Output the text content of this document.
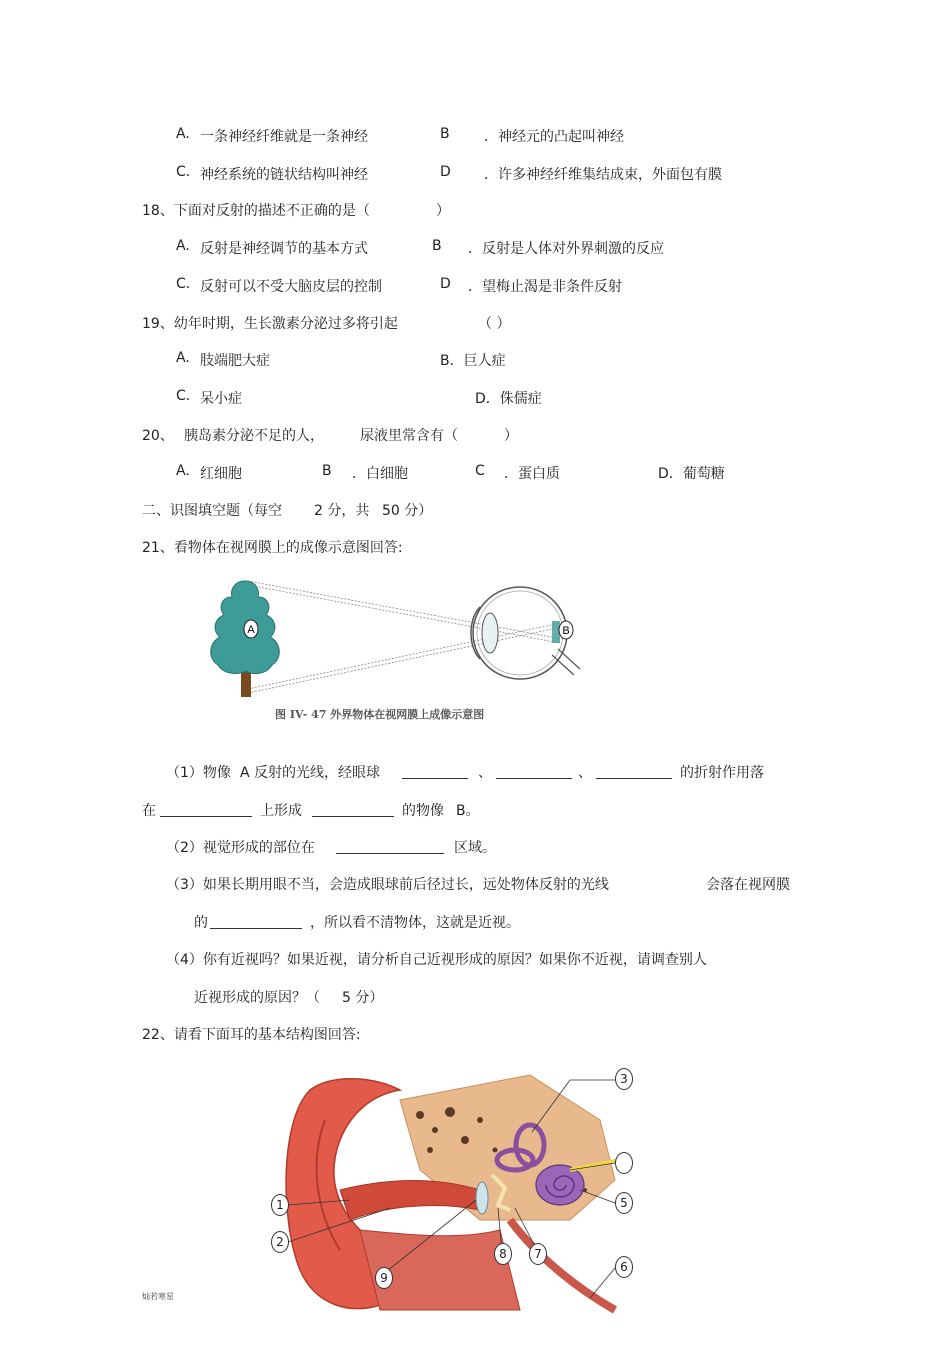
A. 一条神经纤维就是一条神经	B ．神经元的凸起叫神经
C. 神经系统的链状结构叫神经	D ．许多神经纤维集结成束，外面包有膜
18、下面对反射的描述不正确的是（	）
A. 反射是神经调节的基本方式	B ．反射是人体对外界刺激的反应
C. 反射可以不受大脑皮层的控制	D ．望梅止渴是非条件反射
19、幼年时期，生长激素分泌过多将引起	（ ）
A. 肢端肥大症	B．巨人症
C. 呆小症	D．侏儒症
20、 胰岛素分泌不足的人，	尿液里常含有（	）
A. 红细胞	B ．白细胞	C ．蛋白质	D．葡萄糖
二、识图填空题（每空 2 分，共 50 分）
21、看物体在视网膜上的成像示意图回答:
A	B
图 IV- 47 外界物体在视网膜上成像示意图
（1）物像 A 反射的光线，经眼球	、	、	的折射作用落
在	上形成	的物像 B。
（2）视觉形成的部位在	区域。
（3）如果长期用眼不当，会造成眼球前后径过长，远处物体反射的光线	会落在视网膜
的	，所以看不清物体，这就是近视。
（4）你有近视吗？如果近视，请分析自己近视形成的原因？如果你不近视，请调查别人
近视形成的原因？（ 5 分）
22、请看下面耳的基本结构图回答:
1
2
3
5
6
7
8
9
灿若寒星
